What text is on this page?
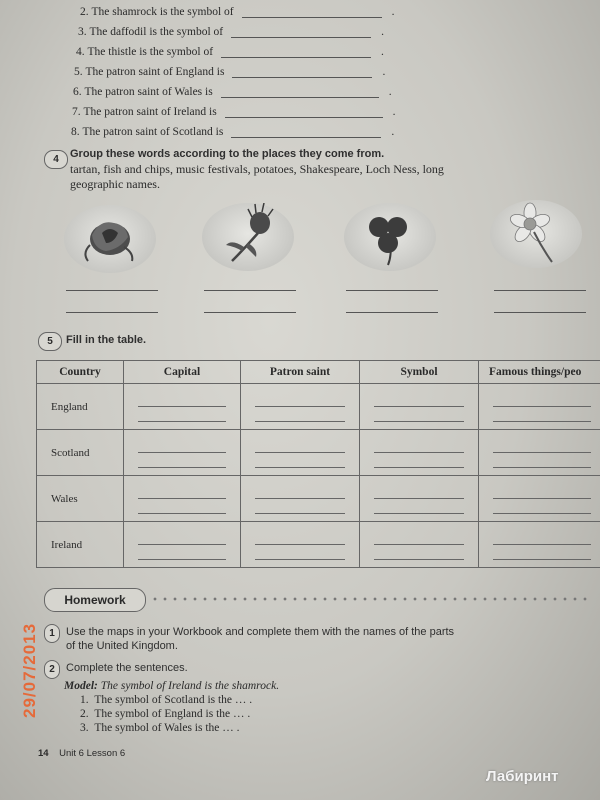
2.
The shamrock is the symbol of	.
3.
The daffodil is the symbol of	.
4.
The thistle is the symbol of	.
5.
The patron saint of England is	.
6.
The patron saint of Wales is	.
7.
The patron saint of Ireland is	.
8.
The patron saint of Scotland is	.
4	Group these words according to the places they come from.
tartan, fish and chips, music festivals, potatoes, Shakespeare, Loch Ness, long geographic names.
5	Fill in the table.
Country	Capital	Patron saint	Symbol	Famous things/peo
England	

Scotland	

Wales	

Ireland	

Homework
1	Use the maps in your Workbook and complete them with the names of the parts
of the United Kingdom.
2	Complete the sentences.
Model: The symbol of Ireland is the shamrock.
1. The symbol of Scotland is the … .
2. The symbol of England is the … .
3. The symbol of Wales is the … .
14 Unit 6 Lesson 6
29/07/2013
Лабиринт
